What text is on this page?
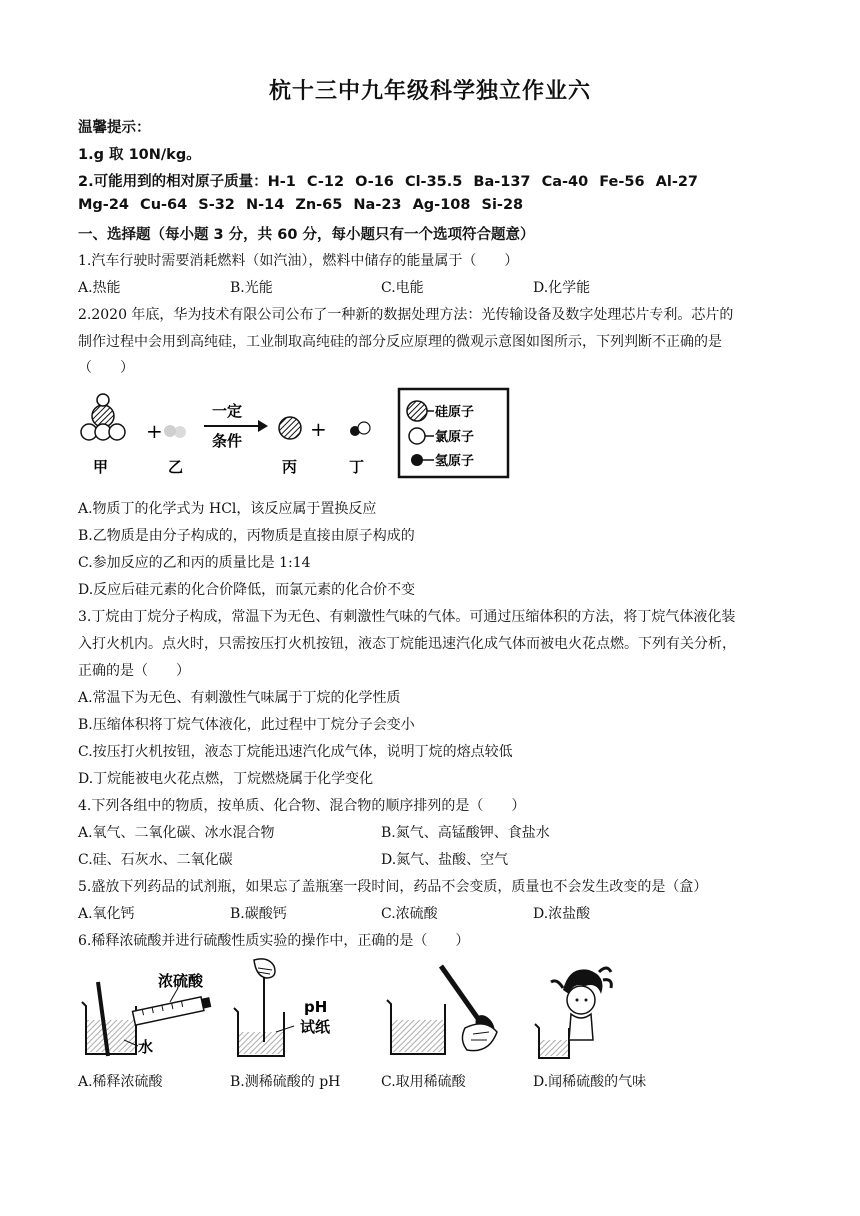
杭十三中九年级科学独立作业六
温馨提示：
1.g 取 10N/kg。
2.可能用到的相对原子质量：H-1 C-12 O-16 Cl-35.5 Ba-137 Ca-40 Fe-56 Al-27
Mg-24 Cu-64 S-32 N-14 Zn-65 Na-23 Ag-108 Si-28
一、选择题（每小题 3 分，共 60 分，每小题只有一个选项符合题意）
1.汽车行驶时需要消耗燃料（如汽油），燃料中储存的能量属于（　　）
A.热能	B.光能	C.电能	D.化学能
2.2020 年底，华为技术有限公司公布了一种新的数据处理方法：光传输设备及数字处理芯片专利。芯片的
制作过程中会用到高纯硅，工业制取高纯硅的部分反应原理的微观示意图如图所示，下列判断不正确的是
（　　）
+
一定
条件	+
甲	乙	丙	丁
硅原子
氯原子
氢原子
A.物质丁的化学式为 HCl，该反应属于置换反应
B.乙物质是由分子构成的，丙物质是直接由原子构成的
C.参加反应的乙和丙的质量比是 1:14
D.反应后硅元素的化合价降低，而氯元素的化合价不变
3.丁烷由丁烷分子构成，常温下为无色、有刺激性气味的气体。可通过压缩体积的方法，将丁烷气体液化装
入打火机内。点火时，只需按压打火机按钮，液态丁烷能迅速汽化成气体而被电火花点燃。下列有关分析，
正确的是（　　）
A.常温下为无色、有刺激性气味属于丁烷的化学性质
B.压缩体积将丁烷气体液化，此过程中丁烷分子会变小
C.按压打火机按钮，液态丁烷能迅速汽化成气体，说明丁烷的熔点较低
D.丁烷能被电火花点燃，丁烷燃烧属于化学变化
4.下列各组中的物质，按单质、化合物、混合物的顺序排列的是（　　）
A.氧气、二氧化碳、冰水混合物	B.氮气、高锰酸钾、食盐水
C.硅、石灰水、二氧化碳	D.氮气、盐酸、空气
5.盛放下列药品的试剂瓶，如果忘了盖瓶塞一段时间，药品不会变质，质量也不会发生改变的是（盒）
A.氧化钙	B.碳酸钙	C.浓硫酸	D.浓盐酸
6.稀释浓硫酸并进行硫酸性质实验的操作中，正确的是（　　）
浓硫酸
水
pH
试纸
A.稀释浓硫酸	B.测稀硫酸的 pH	C.取用稀硫酸	D.闻稀硫酸的气味
